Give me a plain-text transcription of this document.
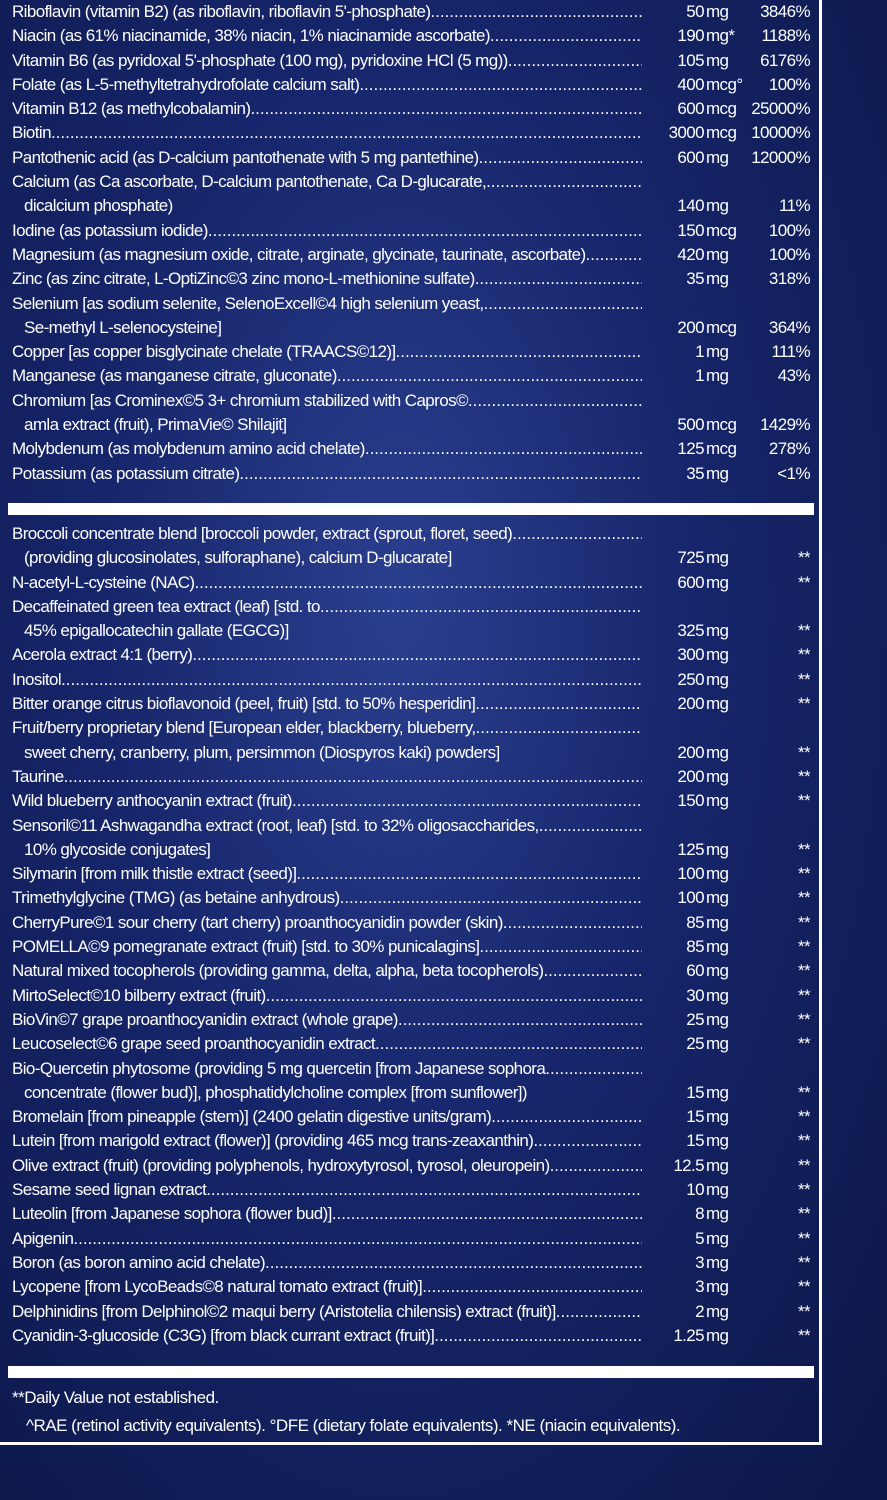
Riboflavin (vitamin B2) (as riboflavin, riboflavin 5'-phosphate) .....	50 mg	3846%
Niacin (as 61% niacinamide, 38% niacin, 1% niacinamide ascorbate) .....	190 mg*	1188%
Vitamin B6 (as pyridoxal 5'-phosphate (100 mg), pyridoxine HCl (5 mg)) .....	105 mg	6176%
Folate (as L-5-methyltetrahydrofolate calcium salt) .....	400 mcg°	100%
Vitamin B12 (as methylcobalamin) .....	600 mcg 25000%
Biotin .....	3000 mcg 10000%
Pantothenic acid (as D-calcium pantothenate with 5 mg pantethine) .....	600 mg	12000%
Calcium (as Ca ascorbate, D-calcium pantothenate, Ca D-glucarate, .....
dicalcium phosphate)	140 mg	11%
Iodine (as potassium iodide) .....	150 mcg	100%
Magnesium (as magnesium oxide, citrate, arginate, glycinate, taurinate, ascorbate) .....	420 mg	100%
Zinc (as zinc citrate, L-OptiZinc©3 zinc mono-L-methionine sulfate) .....	35 mg	318%
Selenium [as sodium selenite, SelenoExcell©4 high selenium yeast, .....
Se-methyl L-selenocysteine]	200 mcg	364%
Copper [as copper bisglycinate chelate (TRAACS©12)] .....	1 mg	111%
Manganese (as manganese citrate, gluconate) .....	1 mg	43%
Chromium [as Crominex©5 3+ chromium stabilized with Capros© .....
amla extract (fruit), PrimaVie© Shilajit]	500 mcg	1429%
Molybdenum (as molybdenum amino acid chelate) .....	125 mcg	278%
Potassium (as potassium citrate) .....	35 mg	<1%
Broccoli concentrate blend [broccoli powder, extract (sprout, floret, seed) .....
(providing glucosinolates, sulforaphane), calcium D-glucarate]	725 mg	**
N-acetyl-L-cysteine (NAC) .....	600 mg	**
Decaffeinated green tea extract (leaf) [std. to .....
45% epigallocatechin gallate (EGCG)]	325 mg	**
Acerola extract 4:1 (berry) .....	300 mg	**
Inositol .....	250 mg	**
Bitter orange citrus bioflavonoid (peel, fruit) [std. to 50% hesperidin] .....	200 mg	**
Fruit/berry proprietary blend [European elder, blackberry, blueberry, .....
sweet cherry, cranberry, plum, persimmon (Diospyros kaki) powders]	200 mg	**
Taurine .....	200 mg	**
Wild blueberry anthocyanin extract (fruit) .....	150 mg	**
Sensoril©11 Ashwagandha extract (root, leaf) [std. to 32% oligosaccharides, .....
10% glycoside conjugates]	125 mg	**
Silymarin [from milk thistle extract (seed)] .....	100 mg	**
Trimethylglycine (TMG) (as betaine anhydrous) .....	100 mg	**
CherryPure©1 sour cherry (tart cherry) proanthocyanidin powder (skin) .....	85 mg	**
POMELLA©9 pomegranate extract (fruit) [std. to 30% punicalagins] .....	85 mg	**
Natural mixed tocopherols (providing gamma, delta, alpha, beta tocopherols) .....	60 mg	**
MirtoSelect©10 bilberry extract (fruit) .....	30 mg	**
BioVin©7 grape proanthocyanidin extract (whole grape) .....	25 mg	**
Leucoselect©6 grape seed proanthocyanidin extract .....	25 mg	**
Bio-Quercetin phytosome (providing 5 mg quercetin [from Japanese sophora .....
concentrate (flower bud)], phosphatidylcholine complex [from sunflower])	15 mg	**
Bromelain [from pineapple (stem)] (2400 gelatin digestive units/gram) .....	15 mg	**
Lutein [from marigold extract (flower)] (providing 465 mcg trans-zeaxanthin) .....	15 mg	**
Olive extract (fruit) (providing polyphenols, hydroxytyrosol, tyrosol, oleuropein) .....	12.5 mg	**
Sesame seed lignan extract .....	10 mg	**
Luteolin [from Japanese sophora (flower bud)] .....	8 mg	**
Apigenin .....	5 mg	**
Boron (as boron amino acid chelate) .....	3 mg	**
Lycopene [from LycoBeads©8 natural tomato extract (fruit)] .....	3 mg	**
Delphinidins [from Delphinol©2 maqui berry (Aristotelia chilensis) extract (fruit)] .....	2 mg	**
Cyanidin-3-glucoside (C3G) [from black currant extract (fruit)] .....	1.25 mg	**
**Daily Value not established.
^RAE (retinol activity equivalents). °DFE (dietary folate equivalents). *NE (niacin equivalents).
